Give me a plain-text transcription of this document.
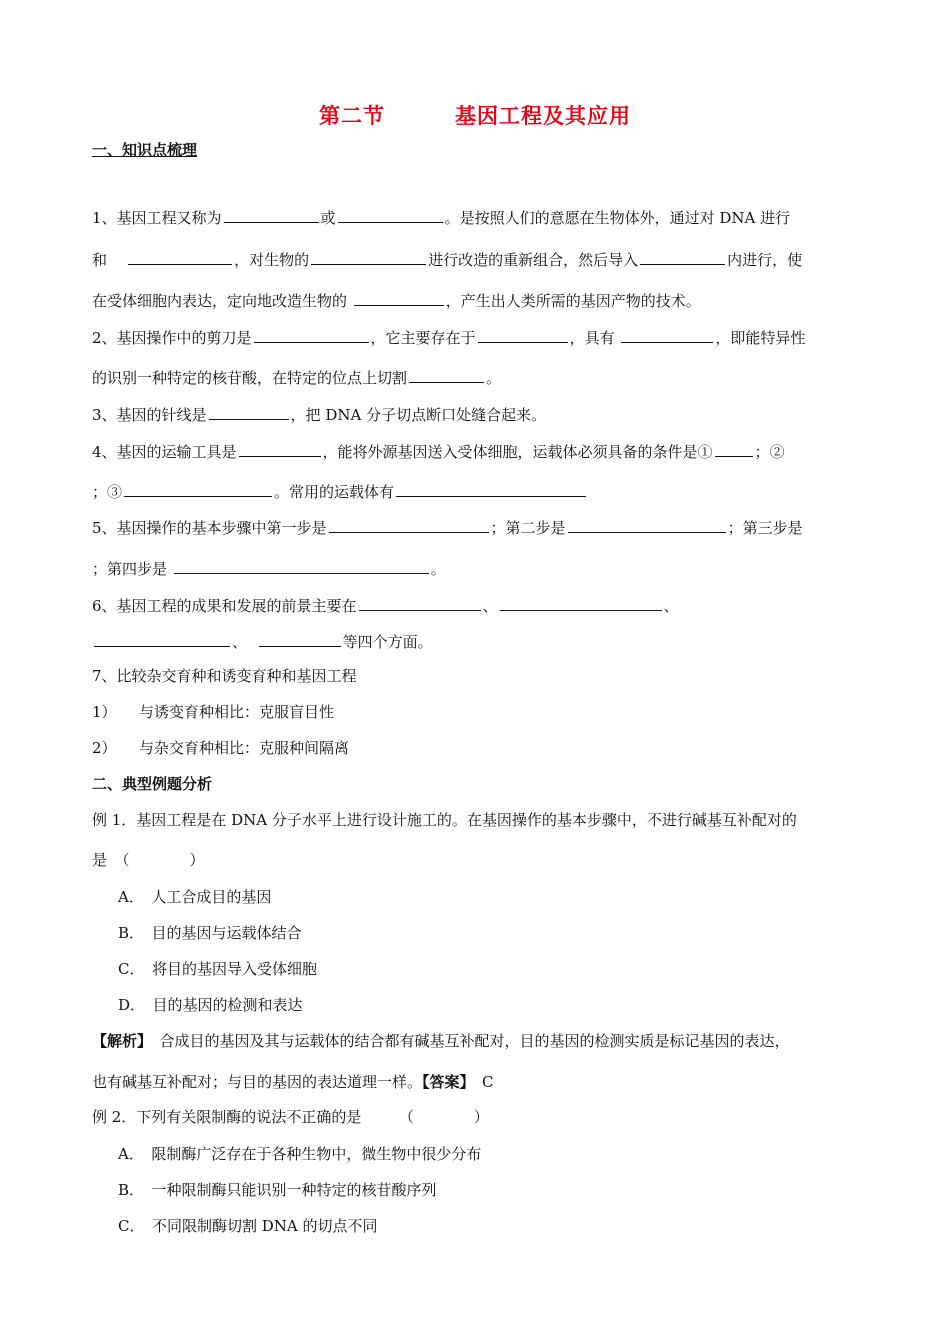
第二节	基因工程及其应用
一、知识点梳理
1、基因工程又称为	或	。是按照人们的意愿在生物体外，通过对 DNA 进行
和	，对生物的	进行改造的重新组合，然后导入	内进行，使
在受体细胞内表达，定向地改造生物的	，产生出人类所需的基因产物的技术。
2、基因操作中的剪刀是	，它主要存在于	，具有	，即能特异性
的识别一种特定的核苷酸，在特定的位点上切割	。
3、基因的针线是	，把 DNA 分子切点断口处缝合起来。
4、基因的运输工具是	，能将外源基因送入受体细胞，运载体必须具备的条件是①	；②
；③	。常用的运载体有
5、基因操作的基本步骤中第一步是	；第二步是	；第三步是
；第四步是	。
6、基因工程的成果和发展的前景主要在	、	、
、	等四个方面。
7、比较杂交育种和诱变育种和基因工程
1）　　与诱变育种相比：克服盲目性
2）　　与杂交育种相比：克服种间隔离
二、典型例题分析
例 1．基因工程是在 DNA 分子水平上进行设计施工的。在基因操作的基本步骤中，不进行碱基互补配对的
是　（　　　　）
A．　人工合成目的基因
B．　目的基因与运载体结合
C．　将目的基因导入受体细胞
D．　目的基因的检测和表达
【解析】　合成目的基因及其与运载体的结合都有碱基互补配对，目的基因的检测实质是标记基因的表达，
也有碱基互补配对；与目的基因的表达道理一样。【答案】　C
例 2．下列有关限制酶的说法不正确的是　　　（　　　　）
A．　限制酶广泛存在于各种生物中，微生物中很少分布
B．　一种限制酶只能识别一种特定的核苷酸序列
C．　不同限制酶切割 DNA 的切点不同
